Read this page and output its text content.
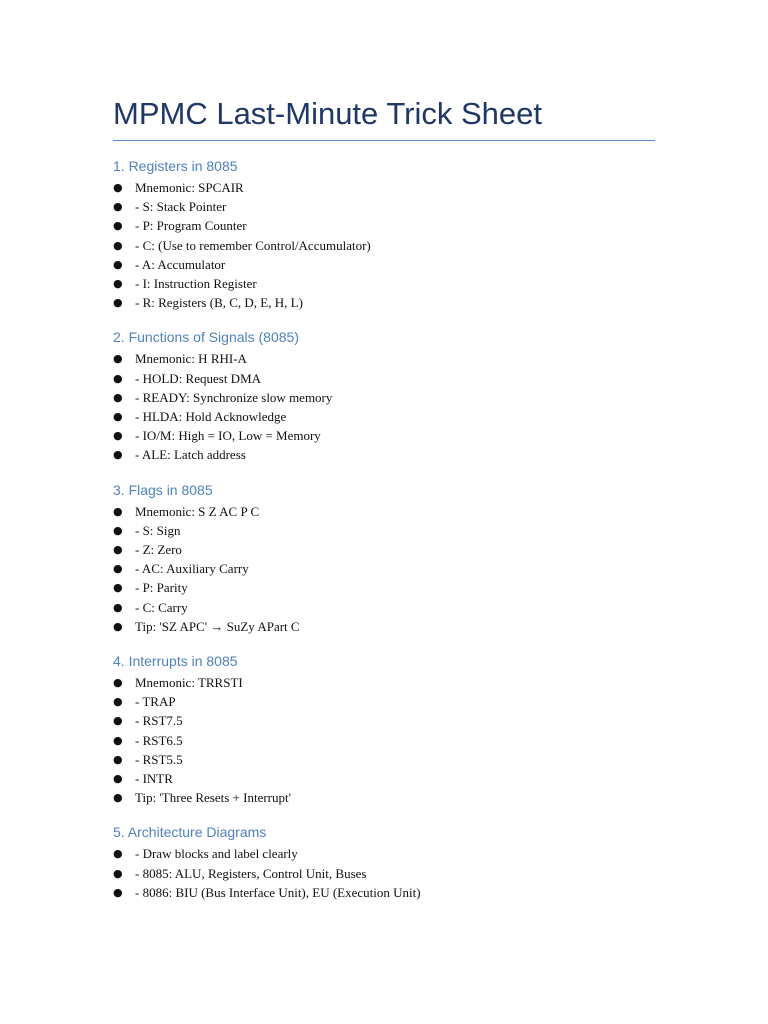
MPMC Last-Minute Trick Sheet
1. Registers in 8085
● Mnemonic: SPCAIR
● - S: Stack Pointer
● - P: Program Counter
● - C: (Use to remember Control/Accumulator)
● - A: Accumulator
● - I: Instruction Register
● - R: Registers (B, C, D, E, H, L)
2. Functions of Signals (8085)
● Mnemonic: H RHI-A
● - HOLD: Request DMA
● - READY: Synchronize slow memory
● - HLDA: Hold Acknowledge
● - IO/M: High = IO, Low = Memory
● - ALE: Latch address
3. Flags in 8085
● Mnemonic: S Z AC P C
● - S: Sign
● - Z: Zero
● - AC: Auxiliary Carry
● - P: Parity
● - C: Carry
● Tip: 'SZ APC' → SuZy APart C
4. Interrupts in 8085
● Mnemonic: TRRSTI
● - TRAP
● - RST7.5
● - RST6.5
● - RST5.5
● - INTR
● Tip: 'Three Resets + Interrupt'
5. Architecture Diagrams
● - Draw blocks and label clearly
● - 8085: ALU, Registers, Control Unit, Buses
● - 8086: BIU (Bus Interface Unit), EU (Execution Unit)
